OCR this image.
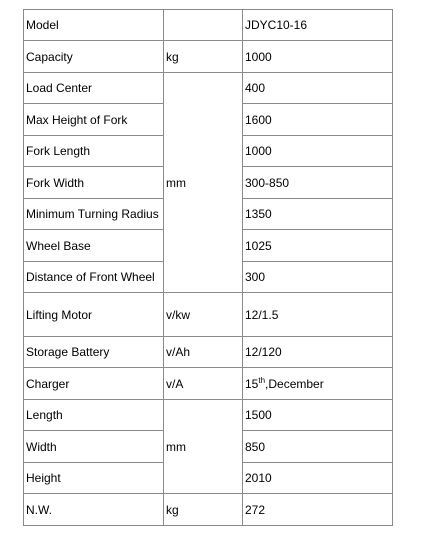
Model		JDYC10-16
Capacity	kg	1000
Load Center	mm	400
Max Height of Fork		1600
Fork Length		1000
Fork Width		300-850
Minimum Turning Radius		1350
Wheel Base		1025
Distance of Front Wheel		300
Lifting Motor	v/kw	12/1.5
Storage Battery	v/Ah	12/120
Charger	v/A	15th,December
Length	mm	1500
Width		850
Height		2010
N.W.	kg	272
